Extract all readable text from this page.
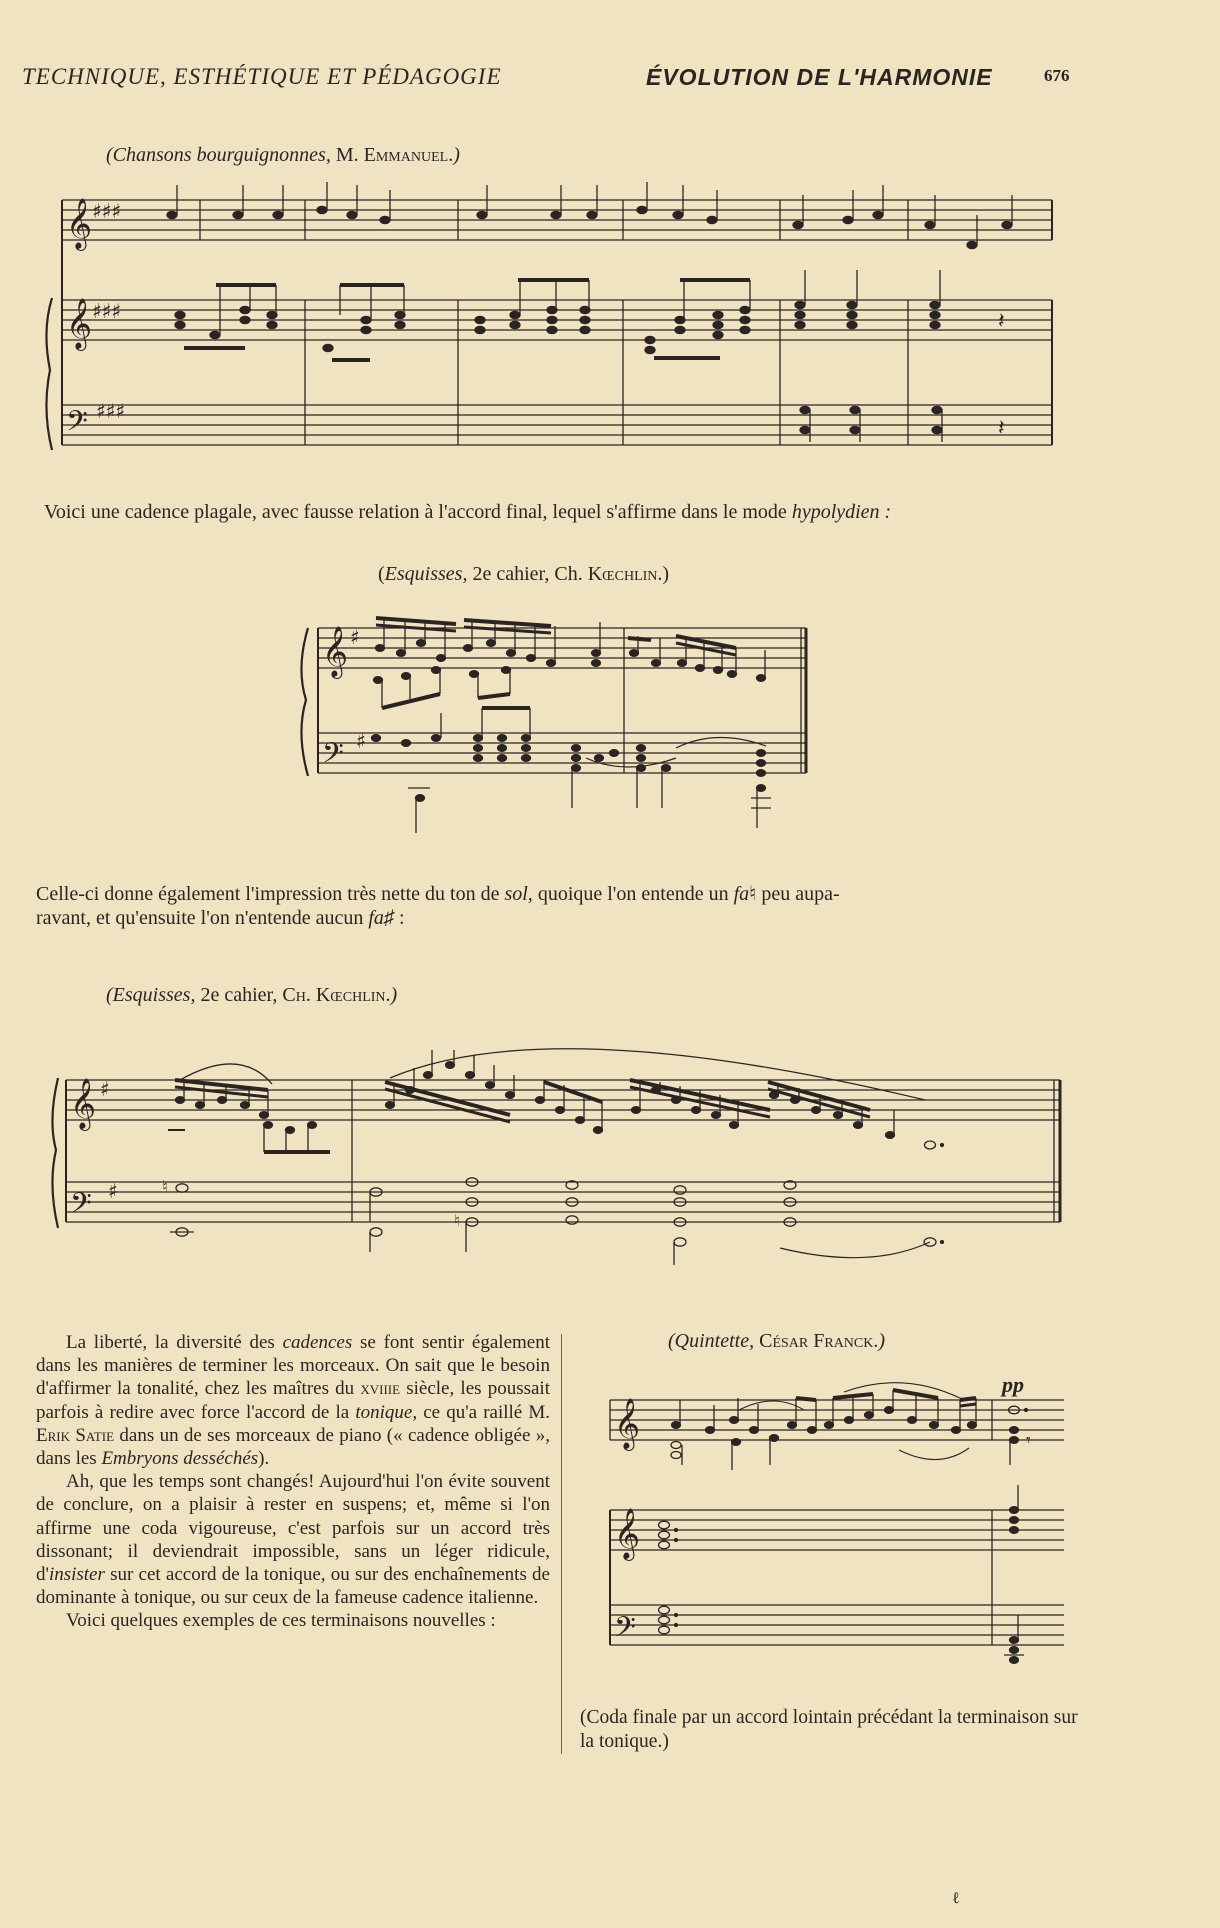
TECHNIQUE, ESTHÉTIQUE ET PÉDAGOGIE	ÉVOLUTION DE L'HARMONIE	676
(Chansons bourguignonnes, M. Emmanuel.)
𝄞 ♯♯♯
𝄞 ♯♯♯
𝄢 ♯♯♯
𝄽
𝄽
Voici une cadence plagale, avec fausse relation à l'accord final, lequel s'affirme dans le mode hypolydien :
(Esquisses, 2e cahier, Ch. Kœchlin.)
𝄞 ♯
𝄢 ♯
Celle-ci donne également l'impression très nette du ton de sol, quoique l'on entende un fa♮ peu aupa-
ravant, et qu'ensuite l'on n'entende aucun fa♯ :
(Esquisses, 2e cahier, Ch. Kœchlin.)
𝄞 ♯
𝄢 ♯	♮
♮

La liberté, la diversité des cadences se font sentir également dans les manières de terminer les morceaux. On sait que le besoin d'affirmer la tonalité, chez les maîtres du xviiie siècle, les poussait parfois à redire avec force l'accord de la tonique, ce qu'a raillé M. Erik Satie dans un de ses morceaux de piano (« cadence obligée », dans les Embryons desséchés).

Ah, que les temps sont changés! Aujourd'hui l'on évite souvent de conclure, on a plaisir à rester en suspens; et, même si l'on affirme une coda vigoureuse, c'est parfois sur un accord très dissonant; il deviendrait impossible, sans un léger ridicule, d'insister sur cet accord de la tonique, ou sur des enchaînements de dominante à tonique, ou sur ceux de la fameuse cadence italienne.

Voici quelques exemples de ces terminaisons nouvelles :

(Quintette, César Franck.)
𝄞
𝄞
𝄢
pp
𝄾
(Coda finale par un accord lointain précédant la terminaison sur la tonique.)
ℓ
